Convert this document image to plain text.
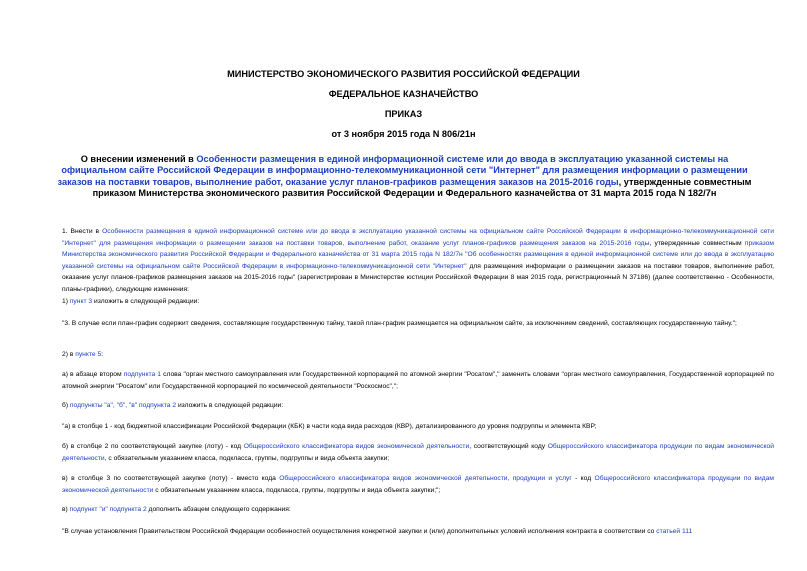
МИНИСТЕРСТВО ЭКОНОМИЧЕСКОГО РАЗВИТИЯ РОССИЙСКОЙ ФЕДЕРАЦИИ
ФЕДЕРАЛЬНОЕ КАЗНАЧЕЙСТВО
ПРИКАЗ
от 3 ноября 2015 года N 806/21н
О внесении изменений в Особенности размещения в единой информационной системе или до ввода в эксплуатацию указанной системы на официальном сайте Российской Федерации в информационно-телекоммуникационной сети "Интернет" для размещения информации о размещении заказов на поставки товаров, выполнение работ, оказание услуг планов-графиков размещения заказов на 2015-2016 годы, утвержденные совместным приказом Министерства экономического развития Российской Федерации и Федерального казначейства от 31 марта 2015 года N 182/7н
1. Внести в Особенности размещения в единой информационной системе или до ввода в эксплуатацию указанной системы на официальном сайте Российской Федерации в информационно-телекоммуникационной сети "Интернет" для размещения информации о размещении заказов на поставки товаров, выполнение работ, оказание услуг планов-графиков размещения заказов на 2015-2016 годы, утвержденные совместным приказом Министерства экономического развития Российской Федерации и Федерального казначейства от 31 марта 2015 года N 182/7н "Об особенностях размещения в единой информационной системе или до ввода в эксплуатацию указанной системы на официальном сайте Российской Федерации в информационно-телекоммуникационной сети "Интернет" для размещения информации о размещении заказов на поставки товаров, выполнение работ, оказание услуг планов-графиков размещения заказов на 2015-2016 годы" (зарегистрирован в Министерстве юстиции Российской Федерации 8 мая 2015 года, регистрационный N 37186) (далее соответственно - Особенности, планы-графики), следующие изменения:
1) пункт 3 изложить в следующей редакции:
"3. В случае если план-график содержит сведения, составляющие государственную тайну, такой план-график размещается на официальном сайте, за исключением сведений, составляющих государственную тайну.";
2) в пункте 5:
а) в абзаце втором подпункта 1 слова "орган местного самоуправления или Государственной корпорацией по атомной энергии "Росатом"," заменить словами "орган местного самоуправления, Государственной корпорацией по атомной энергии "Росатом" или Государственной корпорацией по космической деятельности "Роскосмос",";
б) подпункты "а", "б", "в" подпункта 2 изложить в следующей редакции:
"а) в столбце 1 - код бюджетной классификации Российской Федерации (КБК) в части кода вида расходов (КВР), детализированного до уровня подгруппы и элемента КВР;
б) в столбце 2 по соответствующей закупке (лоту) - код Общероссийского классификатора видов экономической деятельности, соответствующий коду Общероссийского классификатора продукции по видам экономической деятельности, с обязательным указанием класса, подкласса, группы, подгруппы и вида объекта закупки;
в) в столбце 3 по соответствующей закупке (лоту) - вместо кода Общероссийского классификатора видов экономической деятельности, продукции и услуг - код Общероссийского классификатора продукции по видам экономической деятельности с обязательным указанием класса, подкласса, группы, подгруппы и вида объекта закупки;";
в) подпункт "и" подпункта 2 дополнить абзацем следующего содержания:
"В случае установления Правительством Российской Федерации особенностей осуществления конкретной закупки и (или) дополнительных условий исполнения контракта в соответствии со статьей 111
